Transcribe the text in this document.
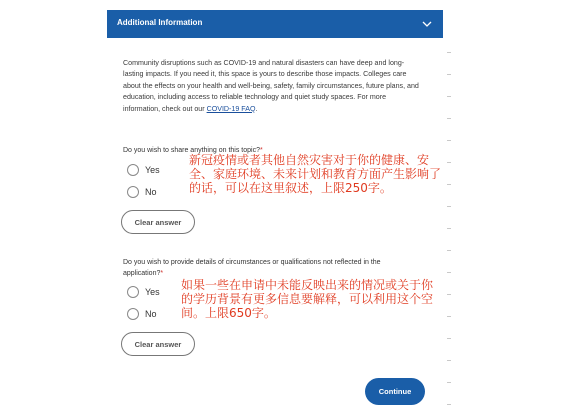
Additional Information
Community disruptions such as COVID-19 and natural disasters can have deep and long-lasting impacts. If you need it, this space is yours to describe those impacts. Colleges care about the effects on your health and well-being, safety, family circumstances, future plans, and education, including access to reliable technology and quiet study spaces. For more information, check out our COVID-19 FAQ.
Do you wish to share anything on this topic?*
Yes
No
Clear answer
新冠疫情或者其他自然灾害对于你的健康、安全、家庭环境、未来计划和教育方面产生影响了的话，可以在这里叙述，上限250字。
Do you wish to provide details of circumstances or qualifications not reflected in the application?*
Yes
No
Clear answer
如果一些在申请中未能反映出来的情况或关于你的学历背景有更多信息要解释，可以利用这个空间。上限650字。
Continue
